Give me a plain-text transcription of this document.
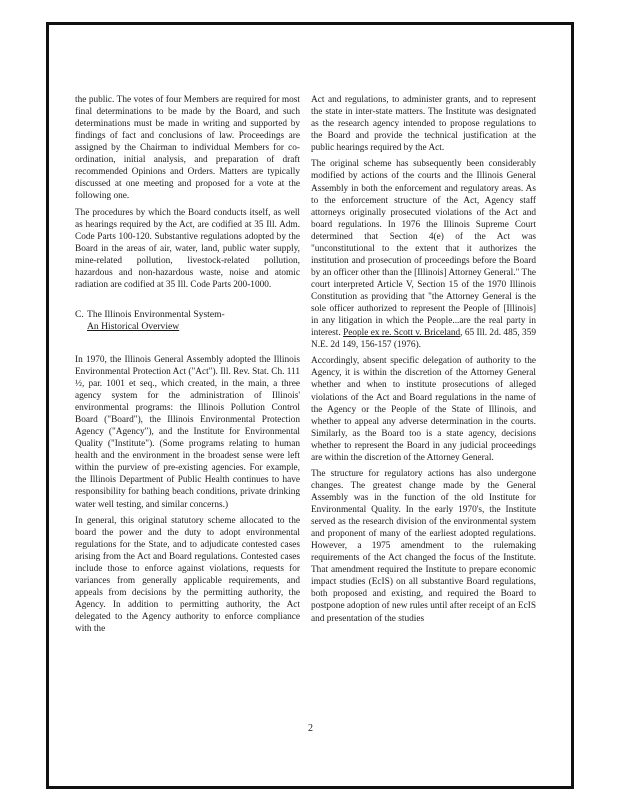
the public. The votes of four Members are required for most final determinations to be made by the Board, and such determinations must be made in writing and supported by findings of fact and conclusions of law. Proceedings are assigned by the Chairman to individual Members for co-ordination, initial analysis, and preparation of draft recommended Opinions and Orders. Matters are typically discussed at one meeting and proposed for a vote at the following one.

The procedures by which the Board conducts itself, as well as hearings required by the Act, are codified at 35 Ill. Adm. Code Parts 100-120. Substantive regulations adopted by the Board in the areas of air, water, land, public water supply, mine-related pollution, livestock-related pollution, hazardous and non-hazardous waste, noise and atomic radiation are codified at 35 Ill. Code Parts 200-1000.

C. The Illinois Environmental System-
An Historical Overview

In 1970, the Illinois General Assembly adopted the Illinois Environmental Protection Act ("Act"). Ill. Rev. Stat. Ch. 111 ½, par. 1001 et seq., which created, in the main, a three agency system for the administration of Illinois' environmental programs: the Illinois Pollution Control Board ("Board"), the Illinois Environmental Protection Agency ("Agency"), and the Institute for Environmental Quality ("Institute"). (Some programs relating to human health and the environment in the broadest sense were left within the purview of pre-existing agencies. For example, the Illinois Department of Public Health continues to have responsibility for bathing beach conditions, private drinking water well testing, and similar concerns.)

In general, this original statutory scheme allocated to the board the power and the duty to adopt environmental regulations for the State, and to adjudicate contested cases arising from the Act and Board regulations. Contested cases include those to enforce against violations, requests for variances from generally applicable requirements, and appeals from decisions by the permitting authority, the Agency. In addition to permitting authority, the Act delegated to the Agency authority to enforce compliance with the

Act and regulations, to administer grants, and to represent the state in inter-state matters. The Institute was designated as the research agency intended to propose regulations to the Board and provide the technical justification at the public hearings required by the Act.

The original scheme has subsequently been considerably modified by actions of the courts and the Illinois General Assembly in both the enforcement and regulatory areas. As to the enforcement structure of the Act, Agency staff attorneys originally prosecuted violations of the Act and board regulations. In 1976 the Illinois Supreme Court determined that Section 4(e) of the Act was "unconstitutional to the extent that it authorizes the institution and prosecution of proceedings before the Board by an officer other than the [Illinois] Attorney General." The court interpreted Article V, Section 15 of the 1970 Illinois Constitution as providing that "the Attorney General is the sole officer authorized to represent the People of [Illinois] in any litigation in which the People...are the real party in interest. People ex re. Scott v. Briceland, 65 Ill. 2d. 485, 359 N.E. 2d 149, 156-157 (1976).

Accordingly, absent specific delegation of authority to the Agency, it is within the discretion of the Attorney General whether and when to institute prosecutions of alleged violations of the Act and Board regulations in the name of the Agency or the People of the State of Illinois, and whether to appeal any adverse determination in the courts. Similarly, as the Board too is a state agency, decisions whether to represent the Board in any judicial proceedings are within the discretion of the Attorney General.

The structure for regulatory actions has also undergone changes. The greatest change made by the General Assembly was in the function of the old Institute for Environmental Quality. In the early 1970's, the Institute served as the research division of the environmental system and proponent of many of the earliest adopted regulations. However, a 1975 amendment to the rulemaking requirements of the Act changed the focus of the Institute. That amendment required the Institute to prepare economic impact studies (EcIS) on all substantive Board regulations, both proposed and existing, and required the Board to postpone adoption of new rules until after receipt of an EcIS and presentation of the studies

2
